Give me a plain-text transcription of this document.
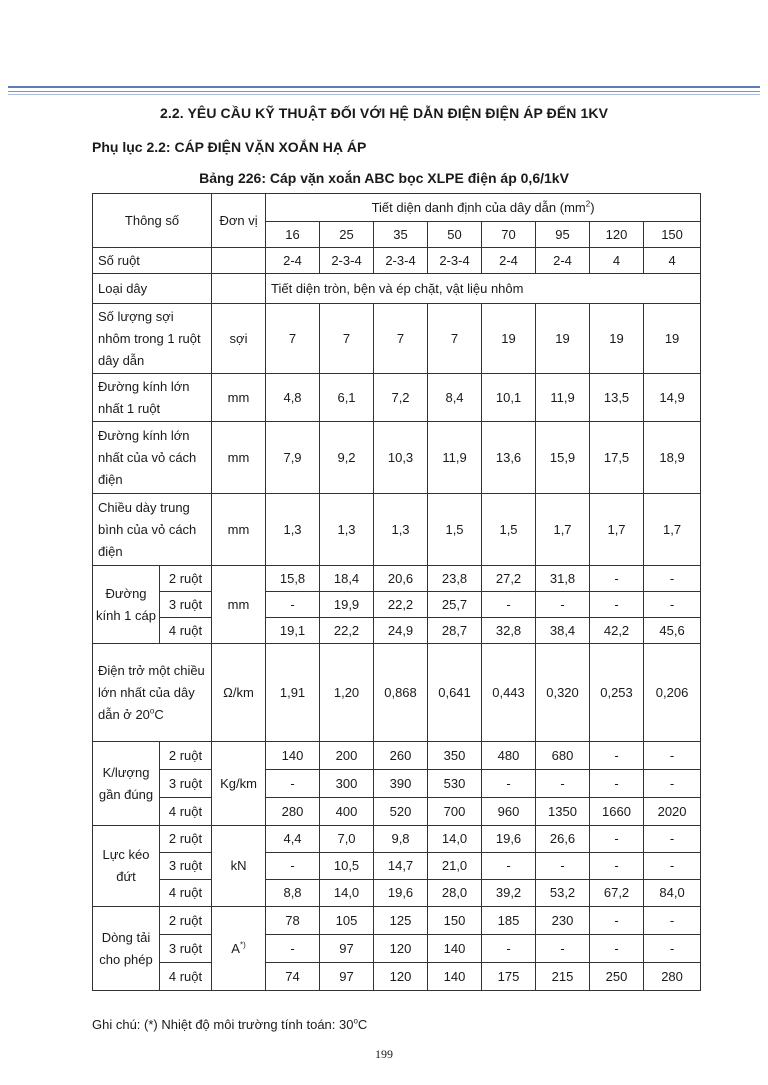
2.2. YÊU CẦU KỸ THUẬT ĐỐI VỚI HỆ DẪN ĐIỆN ĐIỆN ÁP ĐẾN 1KV
Phụ lục 2.2: CÁP ĐIỆN VẶN XOẮN HẠ ÁP
Bảng 226: Cáp vặn xoắn ABC bọc XLPE điện áp 0,6/1kV
Thông số		Đơn vị	Tiết diện danh định của dây dẫn $(mm^2)$							
			16	25	35	50	70	95	120	150
Số ruột			2-4	2-3-4	2-3-4	2-3-4	2-4	2-4	4	4
Loại dây			Tiết diện tròn, bện và ép chặt, vật liệu nhôm							
Số lượng sợi nhôm trong 1 ruột dây dẫn		sợi	7	7	7	7	19	19	19	19
Đường kính lớn nhất 1 ruột		mm	4,8	6,1	7,2	8,4	10,1	11,9	13,5	14,9
Đường kính lớn nhất của vỏ cách điện		mm	7,9	9,2	10,3	11,9	13,6	15,9	17,5	18,9
Chiều dày trung bình của vỏ cách điện		mm	1,3	1,3	1,3	1,5	1,5	1,7	1,7	1,7
Đường kính 1 cáp	2 ruột	mm	15,8	18,4	20,6	23,8	27,2	31,8	-	-
	3 ruột		-	19,9	22,2	25,7	-	-	-	-
	4 ruột		19,1	22,2	24,9	28,7	32,8	38,4	42,2	45,6
Điện trở một chiều lớn nhất của dây dẫn ở 20$^o$C		Ω/km	1,91	1,20	0,868	0,641	0,443	0,320	0,253	0,206
K/lượng gần đúng	2 ruột	Kg/km	140	200	260	350	480	680	-	-
	3 ruột		-	300	390	530	-	-	-	-
	4 ruột		280	400	520	700	960	1350	1660	2020
Lực kéo đứt	2 ruột	kN	4,4	7,0	9,8	14,0	19,6	26,6	-	-
	3 ruột		-	10,5	14,7	21,0	-	-	-	-
	4 ruột		8,8	14,0	19,6	28,0	39,2	53,2	67,2	84,0
Dòng tải cho phép	2 ruột	A*)	78	105	125	150	185	230	-	-
	3 ruột		-	97	120	140	-	-	-	-
	4 ruột		74	97	120	140	175	215	250	280
Ghi chú: (*) Nhiệt độ môi trường tính toán: 30$^o$C
199
